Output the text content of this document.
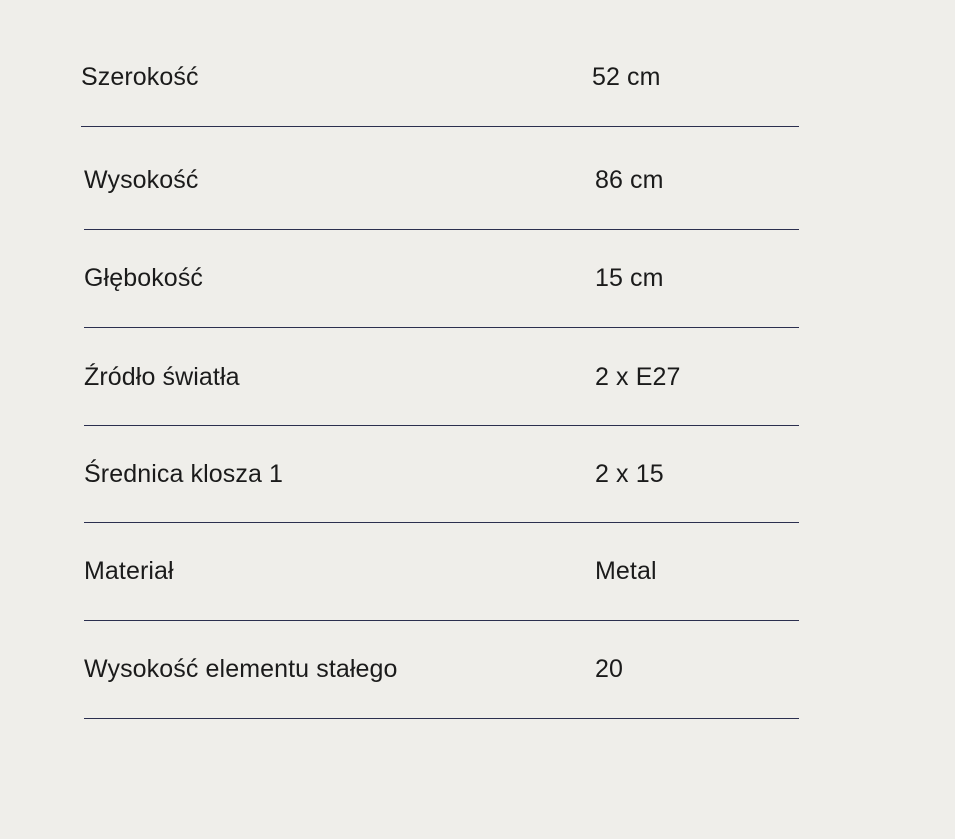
Szerokość	52 cm
Wysokość	86 cm
Głębokość	15 cm
Źródło światła	2 x E27
Średnica klosza 1	2 x 15
Materiał	Metal
Wysokość elementu stałego	20
